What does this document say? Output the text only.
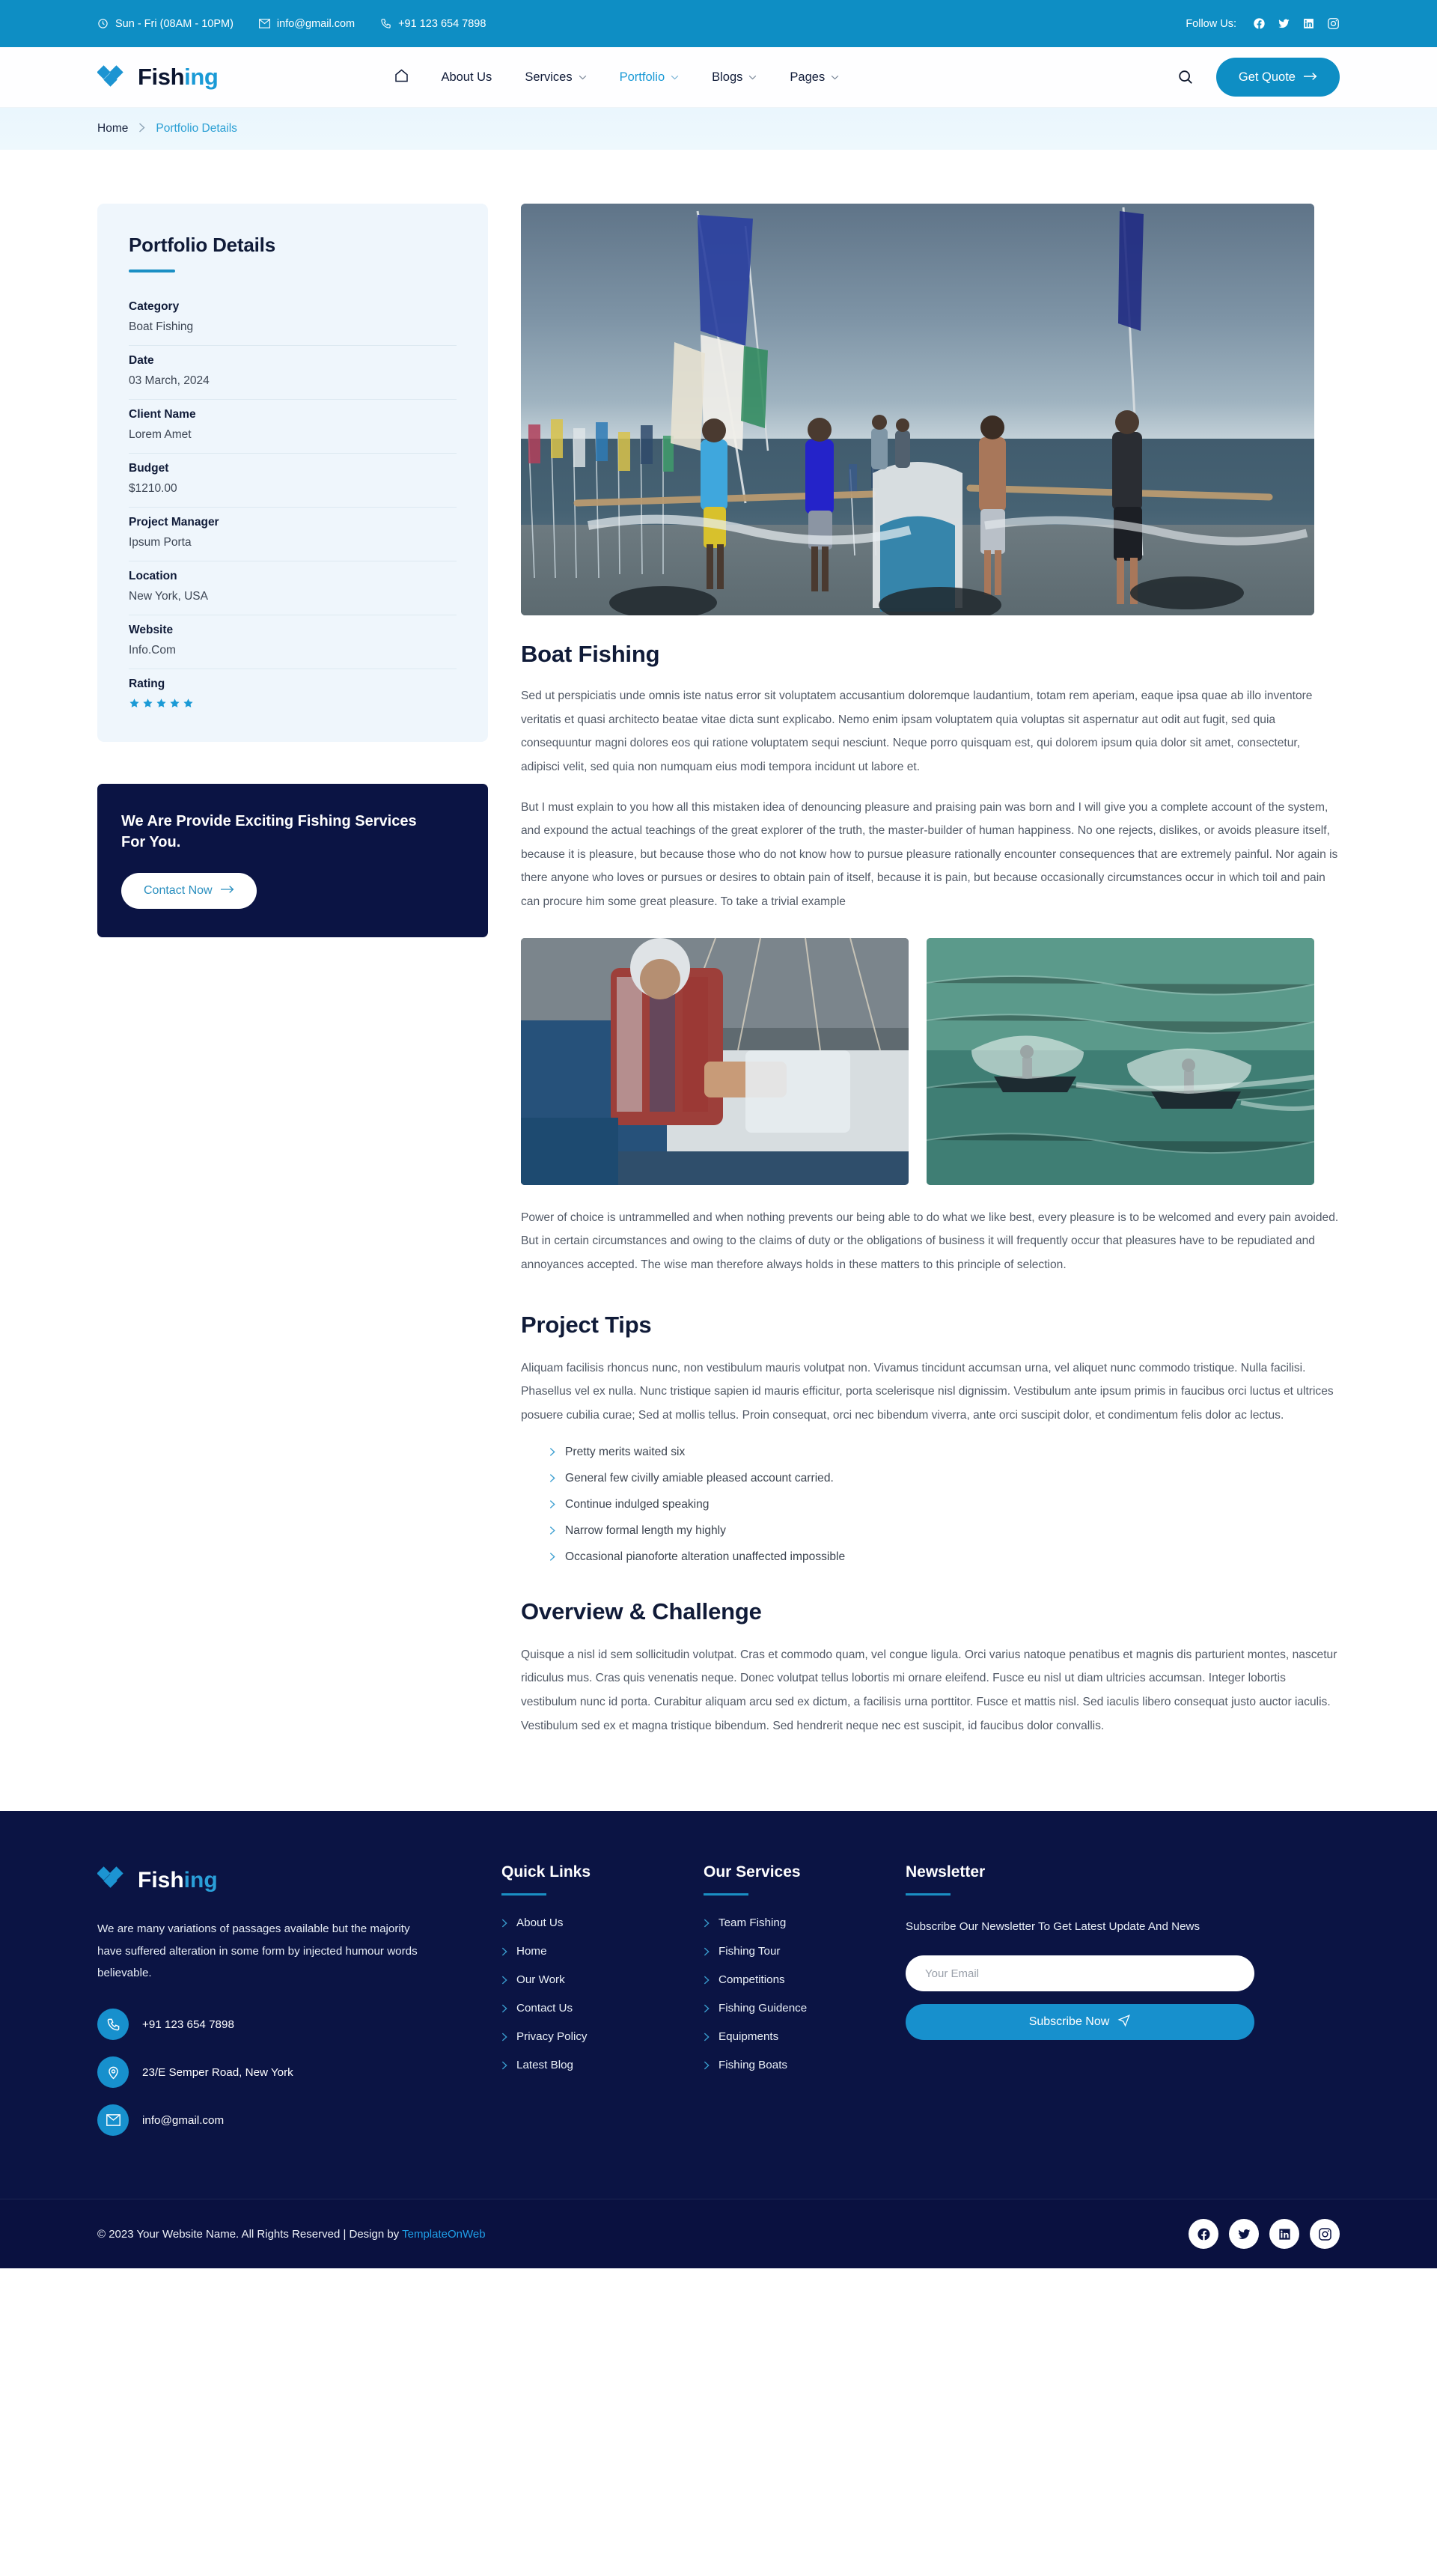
Sun - Fri (08AM - 10PM)	info@gmail.com	+91 123 654 7898	Follow Us:
Fishing	About Us	Services	Portfolio	Blogs	Pages	Get Quote
Home Portfolio Details
Portfolio Details
Category
Boat Fishing
Date
03 March, 2024
Client Name
Lorem Amet
Budget
$1210.00
Project Manager
Ipsum Porta
Location
New York, USA
Website
Info.Com
Rating
We Are Provide Exciting Fishing Services For You.
Contact Now
Boat Fishing

Sed ut perspiciatis unde omnis iste natus error sit voluptatem accusantium doloremque laudantium, totam rem aperiam, eaque ipsa quae ab illo inventore veritatis et quasi architecto beatae vitae dicta sunt explicabo. Nemo enim ipsam voluptatem quia voluptas sit aspernatur aut odit aut fugit, sed quia consequuntur magni dolores eos qui ratione voluptatem sequi nesciunt. Neque porro quisquam est, qui dolorem ipsum quia dolor sit amet, consectetur, adipisci velit, sed quia non numquam eius modi tempora incidunt ut labore et.

But I must explain to you how all this mistaken idea of denouncing pleasure and praising pain was born and I will give you a complete account of the system, and expound the actual teachings of the great explorer of the truth, the master-builder of human happiness. No one rejects, dislikes, or avoids pleasure itself, because it is pleasure, but because those who do not know how to pursue pleasure rationally encounter consequences that are extremely painful. Nor again is there anyone who loves or pursues or desires to obtain pain of itself, because it is pain, but because occasionally circumstances occur in which toil and pain can procure him some great pleasure. To take a trivial example

Power of choice is untrammelled and when nothing prevents our being able to do what we like best, every pleasure is to be welcomed and every pain avoided. But in certain circumstances and owing to the claims of duty or the obligations of business it will frequently occur that pleasures have to be repudiated and annoyances accepted. The wise man therefore always holds in these matters to this principle of selection.

Project Tips

Aliquam facilisis rhoncus nunc, non vestibulum mauris volutpat non. Vivamus tincidunt accumsan urna, vel aliquet nunc commodo tristique. Nulla facilisi. Phasellus vel ex nulla. Nunc tristique sapien id mauris efficitur, porta scelerisque nisl dignissim. Vestibulum ante ipsum primis in faucibus orci luctus et ultrices posuere cubilia curae; Sed at mollis tellus. Proin consequat, orci nec bibendum viverra, ante orci suscipit dolor, et condimentum felis dolor ac lectus.

Pretty merits waited six
General few civilly amiable pleased account carried.
Continue indulged speaking
Narrow formal length my highly
Occasional pianoforte alteration unaffected impossible
Overview & Challenge

Quisque a nisl id sem sollicitudin volutpat. Cras et commodo quam, vel congue ligula. Orci varius natoque penatibus et magnis dis parturient montes, nascetur ridiculus mus. Cras quis venenatis neque. Donec volutpat tellus lobortis mi ornare eleifend. Fusce eu nisl ut diam ultricies accumsan. Integer lobortis vestibulum nunc id porta. Curabitur aliquam arcu sed ex dictum, a facilisis urna porttitor. Fusce et mattis nisl. Sed iaculis libero consequat justo auctor iaculis. Vestibulum sed ex et magna tristique bibendum. Sed hendrerit neque nec est suscipit, id faucibus dolor convallis.

Fishing

We are many variations of passages available but the majority have suffered alteration in some form by injected humour words believable.

+91 123 654 7898
23/E Semper Road, New York
info@gmail.com
Quick Links
About Us
Home
Our Work
Contact Us
Privacy Policy
Latest Blog
Our Services
Team Fishing
Fishing Tour
Competitions
Fishing Guidence
Equipments
Fishing Boats
Newsletter

Subscribe Our Newsletter To Get Latest Update And News

Your Email
Subscribe Now
© 2023 Your Website Name. All Rights Reserved | Design by TemplateOnWeb
